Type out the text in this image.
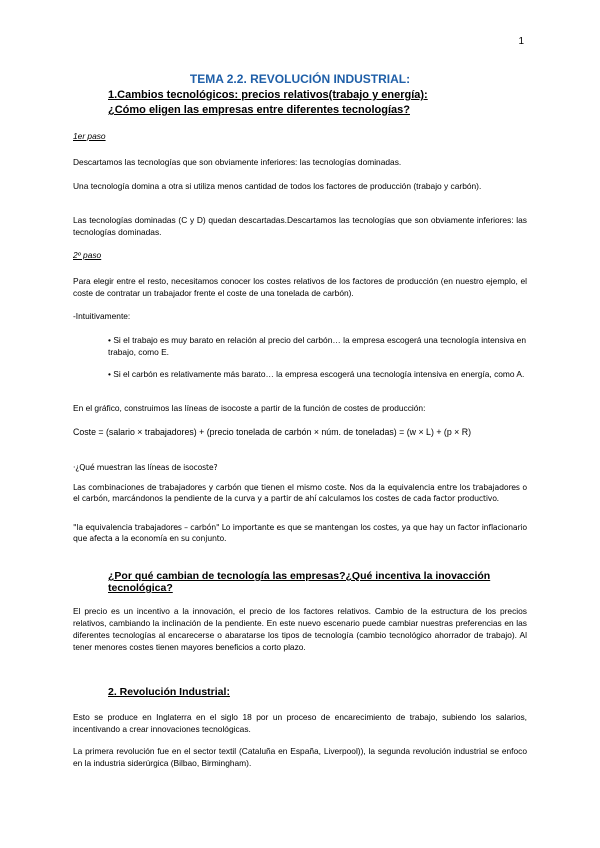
1
TEMA 2.2. REVOLUCIÓN INDUSTRIAL:
1.Cambios tecnológicos: precios relativos(trabajo y energía):
¿Cómo eligen las empresas entre diferentes tecnologías?
1er paso
Descartamos las tecnologías que son obviamente inferiores: las tecnologías dominadas.
Una tecnología domina a otra si utiliza menos cantidad de todos los factores de producción (trabajo y carbón).
Las tecnologías dominadas (C y D) quedan descartadas.Descartamos las tecnologías que son obviamente inferiores: las tecnologías dominadas.
2º paso
Para elegir entre el resto, necesitamos conocer los costes relativos de los factores de producción (en nuestro ejemplo, el coste de contratar un trabajador frente el coste de una tonelada de carbón).
-Intuitivamente:
• Si el trabajo es muy barato en relación al precio del carbón… la empresa escogerá una tecnología intensiva en trabajo, como E.
• Si el carbón es relativamente más barato… la empresa escogerá una tecnología intensiva en energía, como A.
En el gráfico, construimos las líneas de isocoste a partir de la función de costes de producción:
Coste = (salario × trabajadores) + (precio tonelada de carbón × núm. de toneladas) = (w × L) + (p × R)
·¿Qué muestran las líneas de isocoste?
Las combinaciones de trabajadores y carbón que tienen el mismo coste. Nos da la equivalencia entre los trabajadores o el carbón, marcándonos la pendiente de la curva y a partir de ahí calculamos los costes de cada factor productivo.
"la equivalencia trabajadores – carbón" Lo importante es que se mantengan los costes, ya que hay un factor inflacionario que afecta a la economía en su conjunto.
¿Por qué cambian de tecnología las empresas?¿Qué incentiva la inovacción tecnológica?
El precio es un incentivo a la innovación, el precio de los factores relativos. Cambio de la estructura de los precios relativos, cambiando la inclinación de la pendiente. En este nuevo escenario puede cambiar nuestras preferencias en las diferentes tecnologías al encarecerse o abaratarse los tipos de tecnología (cambio tecnológico ahorrador de trabajo). Al tener menores costes tienen mayores beneficios a corto plazo.
2. Revolución Industrial:
Esto se produce en Inglaterra en el siglo 18 por un proceso de encarecimiento de trabajo, subiendo los salarios, incentivando a crear innovaciones tecnológicas.
La primera revolución fue en el sector textil (Cataluña en España, Liverpool)), la segunda revolución industrial se enfoco en la industria siderúrgica (Bilbao, Birmingham).
